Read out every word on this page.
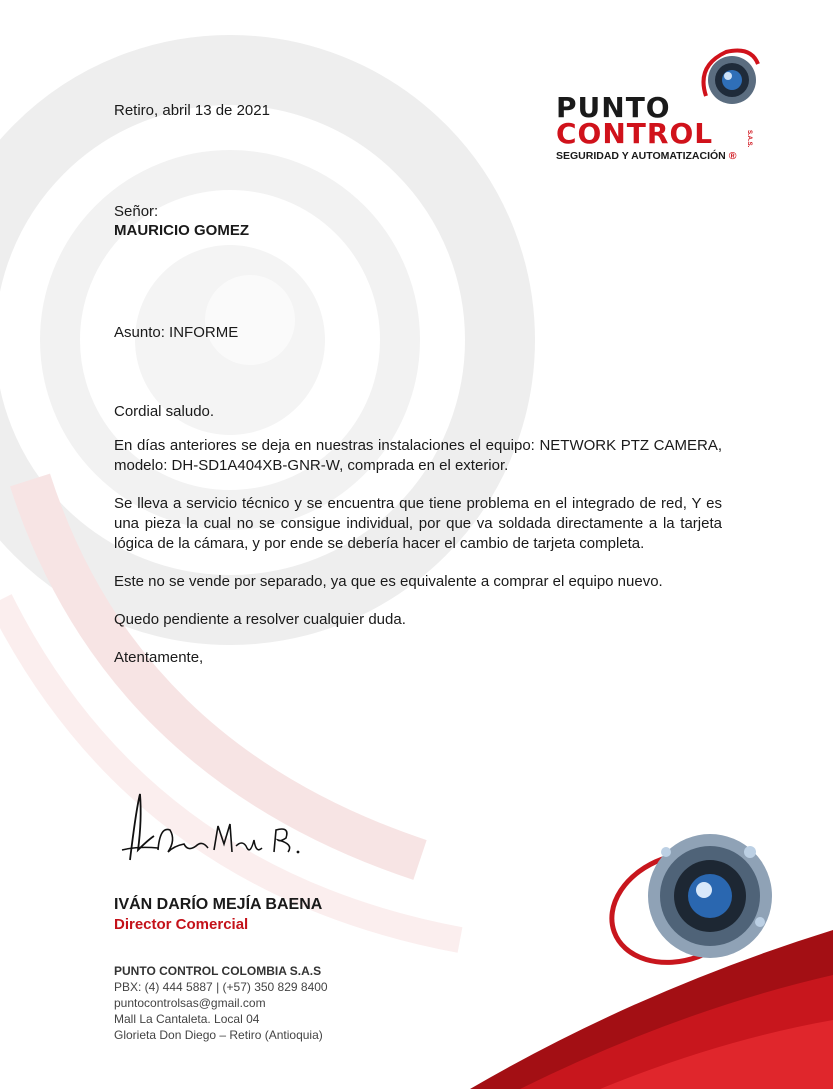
PUNTO
CONTROL	S.A.S.
SEGURIDAD Y AUTOMATIZACIÓN ®
Retiro, abril 13 de 2021
Señor:
MAURICIO GOMEZ
Asunto: INFORME

Cordial saludo.

En días anteriores se deja en nuestras instalaciones el equipo: NETWORK PTZ CAMERA, modelo: DH-SD1A404XB-GNR-W, comprada en el exterior.

Se lleva a servicio técnico y se encuentra que tiene problema en el integrado de red, Y es una pieza la cual no se consigue individual, por que va soldada directamente a la tarjeta lógica de la cámara, y por ende se debería hacer el cambio de tarjeta completa.

Este no se vende por separado, ya que es equivalente a comprar el equipo nuevo.

Quedo pendiente a resolver cualquier duda.

Atentamente,

IVÁN DARÍO MEJÍA BAENA
Director Comercial
PUNTO CONTROL COLOMBIA S.A.S
PBX: (4) 444 5887 | (+57) 350 829 8400
puntocontrolsas@gmail.com
Mall La Cantaleta. Local 04
Glorieta Don Diego – Retiro (Antioquia)
